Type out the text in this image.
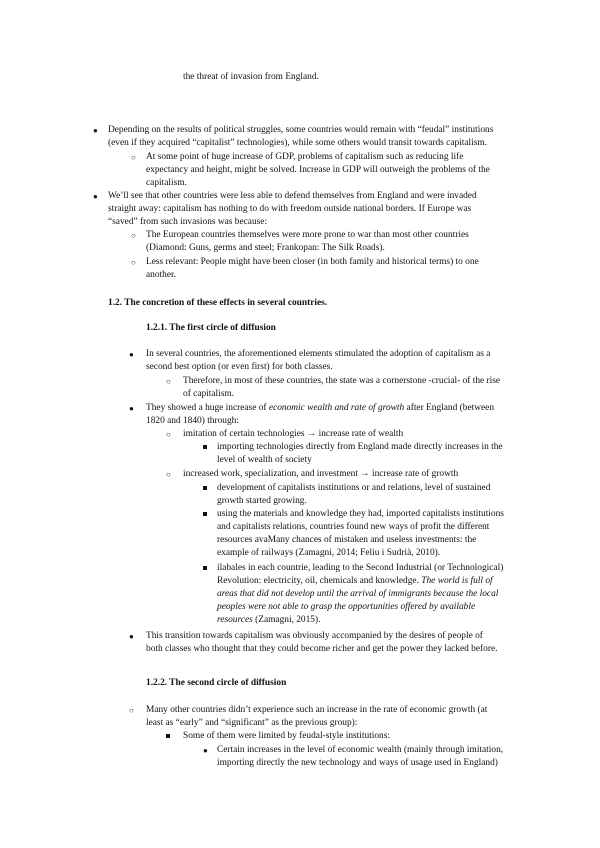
the threat of invasion from England.
● Depending on the results of political struggles, some countries would remain with “feudal” institutions
(even if they acquired “capitalist” technologies), while some others would transit towards capitalism.
○ At some point of huge increase of GDP, problems of capitalism such as reducing life
expectancy and height, might be solved. Increase in GDP will outweigh the problems of the
capitalism.
● We’ll see that other countries were less able to defend themselves from England and were invaded
straight away: capitalism has nothing to do with freedom outside national borders. If Europe was
“saved” from such invasions was because:
○ The European countries themselves were more prone to war than most other countries
(Diamond: Guns, germs and steel; Frankopan: The Silk Roads).
○ Less relevant: People might have been closer (in both family and historical terms) to one
another.
1.2. The concretion of these effects in several countries.
1.2.1. The first circle of diffusion
● In several countries, the aforementioned elements stimulated the adoption of capitalism as a
second best option (or even first) for both classes.
○ Therefore, in most of these countries, the state was a cornerstone -crucial- of the rise
of capitalism.
● They showed a huge increase of economic wealth and rate of growth after England (between
1820 and 1840) through:
○ imitation of certain technologies → increase rate of wealth
importing technologies directly from England made directly increases in the
level of wealth of society
○ increased work, specialization, and investment → increase rate of growth
development of capitalists institutions or and relations, level of sustained
growth started growing.
using the materials and knowledge they had, imported capitalists institutions
and capitalists relations, countries found new ways of profit the different
resources avaMany chances of mistaken and useless investments: the
example of railways (Zamagni, 2014; Feliu i Sudrià, 2010).
ilabales in each countrie, leading to the Second Industrial (or Technological)
Revolution: electricity, oil, chemicals and knowledge. The world is full of
areas that did not develop until the arrival of immigrants because the local
peoples were not able to grasp the opportunities offered by available
resources (Zamagni, 2015).
● This transition towards capitalism was obviously accompanied by the desires of people of
both classes who thought that they could become richer and get the power they lacked before.
1.2.2. The second circle of diffusion
○ Many other countries didn’t experience such an increase in the rate of economic growth (at
least as “early” and “significant” as the previous group):
Some of them were limited by feudal-style institutions:
● Certain increases in the level of economic wealth (mainly through imitation,
importing directly the new technology and ways of usage used in England)
